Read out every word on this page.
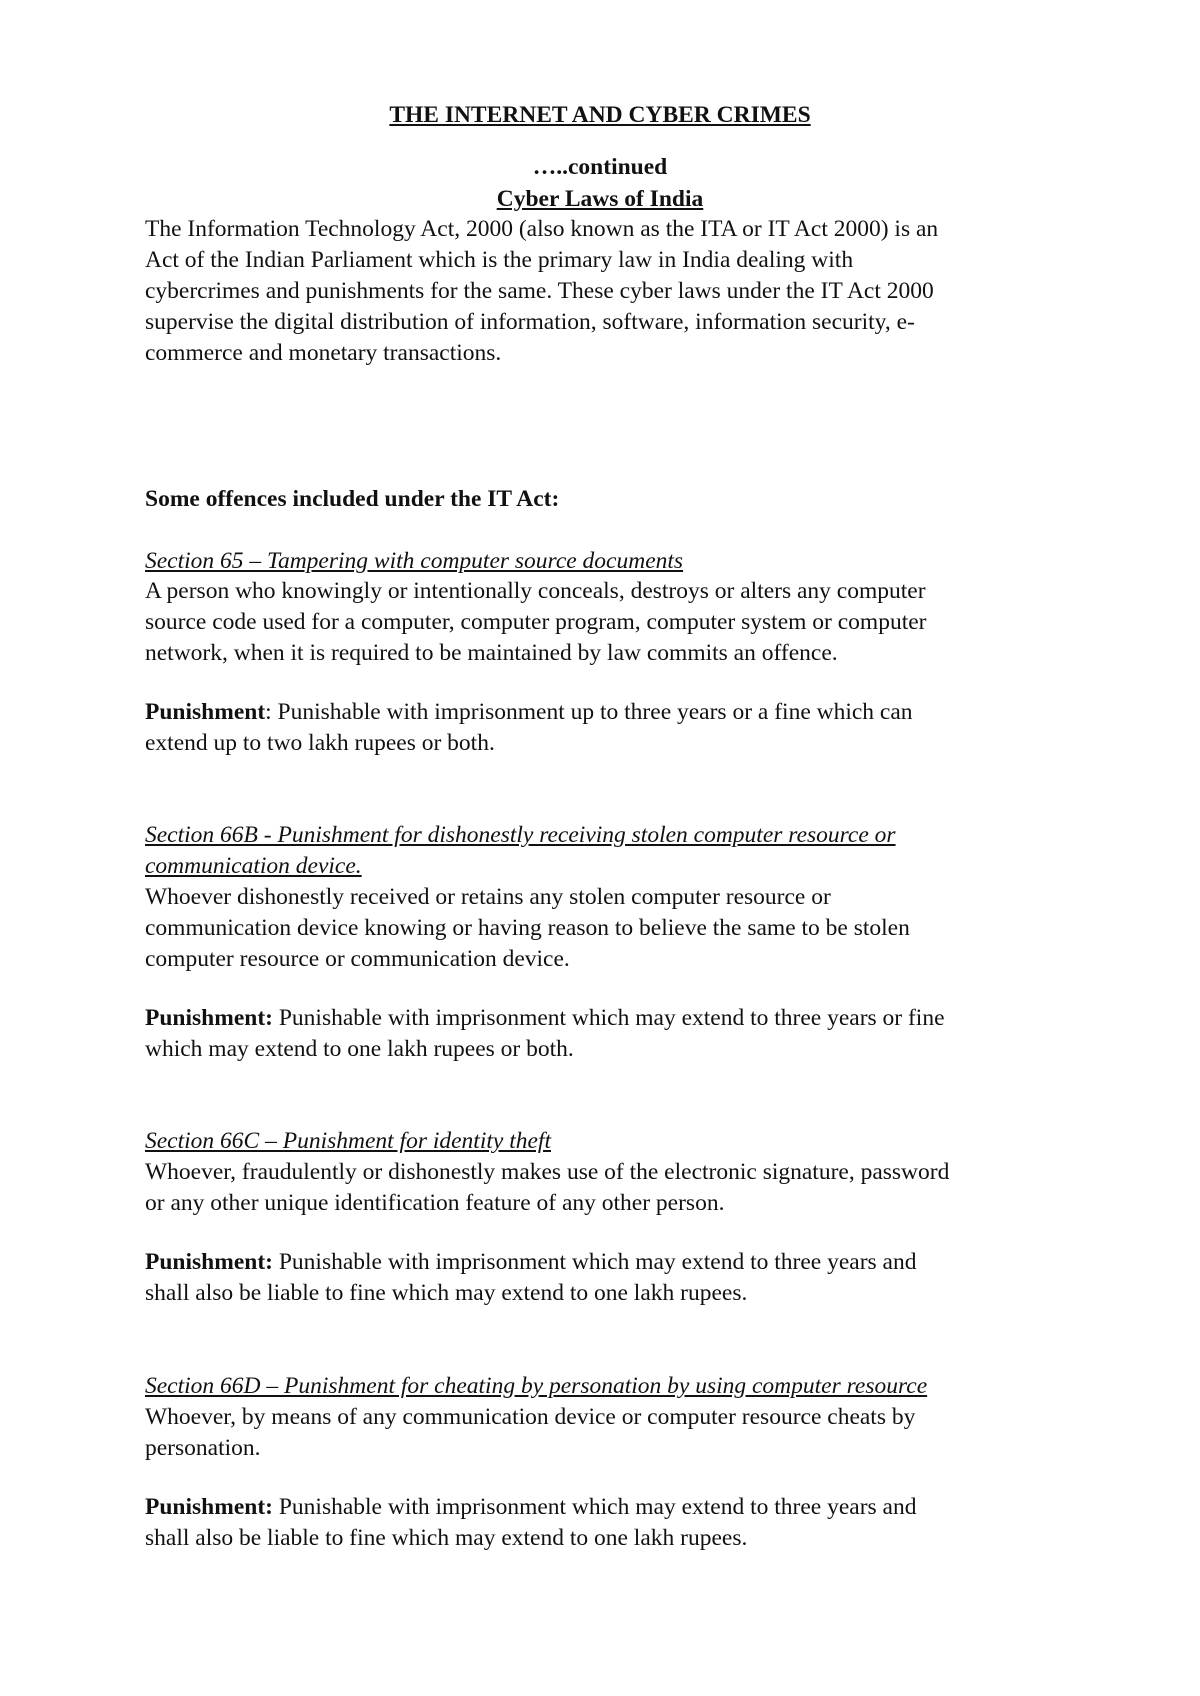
THE INTERNET AND CYBER CRIMES

…..continued

Cyber Laws of India

The Information Technology Act, 2000 (also known as the ITA or IT Act 2000) is an

Act of the Indian Parliament which is the primary law in India dealing with

cybercrimes and punishments for the same. These cyber laws under the IT Act 2000

supervise the digital distribution of information, software, information security, e-

commerce and monetary transactions.

Some offences included under the IT Act:

Section 65 – Tampering with computer source documents

A person who knowingly or intentionally conceals, destroys or alters any computer

source code used for a computer, computer program, computer system or computer

network, when it is required to be maintained by law commits an offence.

Punishment: Punishable with imprisonment up to three years or a fine which can

extend up to two lakh rupees or both.

Section 66B - Punishment for dishonestly receiving stolen computer resource or

communication device.

Whoever dishonestly received or retains any stolen computer resource or

communication device knowing or having reason to believe the same to be stolen

computer resource or communication device.

Punishment: Punishable with imprisonment which may extend to three years or fine

which may extend to one lakh rupees or both.

Section 66C – Punishment for identity theft

Whoever, fraudulently or dishonestly makes use of the electronic signature, password

or any other unique identification feature of any other person.

Punishment: Punishable with imprisonment which may extend to three years and

shall also be liable to fine which may extend to one lakh rupees.

Section 66D – Punishment for cheating by personation by using computer resource

Whoever, by means of any communication device or computer resource cheats by

personation.

Punishment: Punishable with imprisonment which may extend to three years and

shall also be liable to fine which may extend to one lakh rupees.
